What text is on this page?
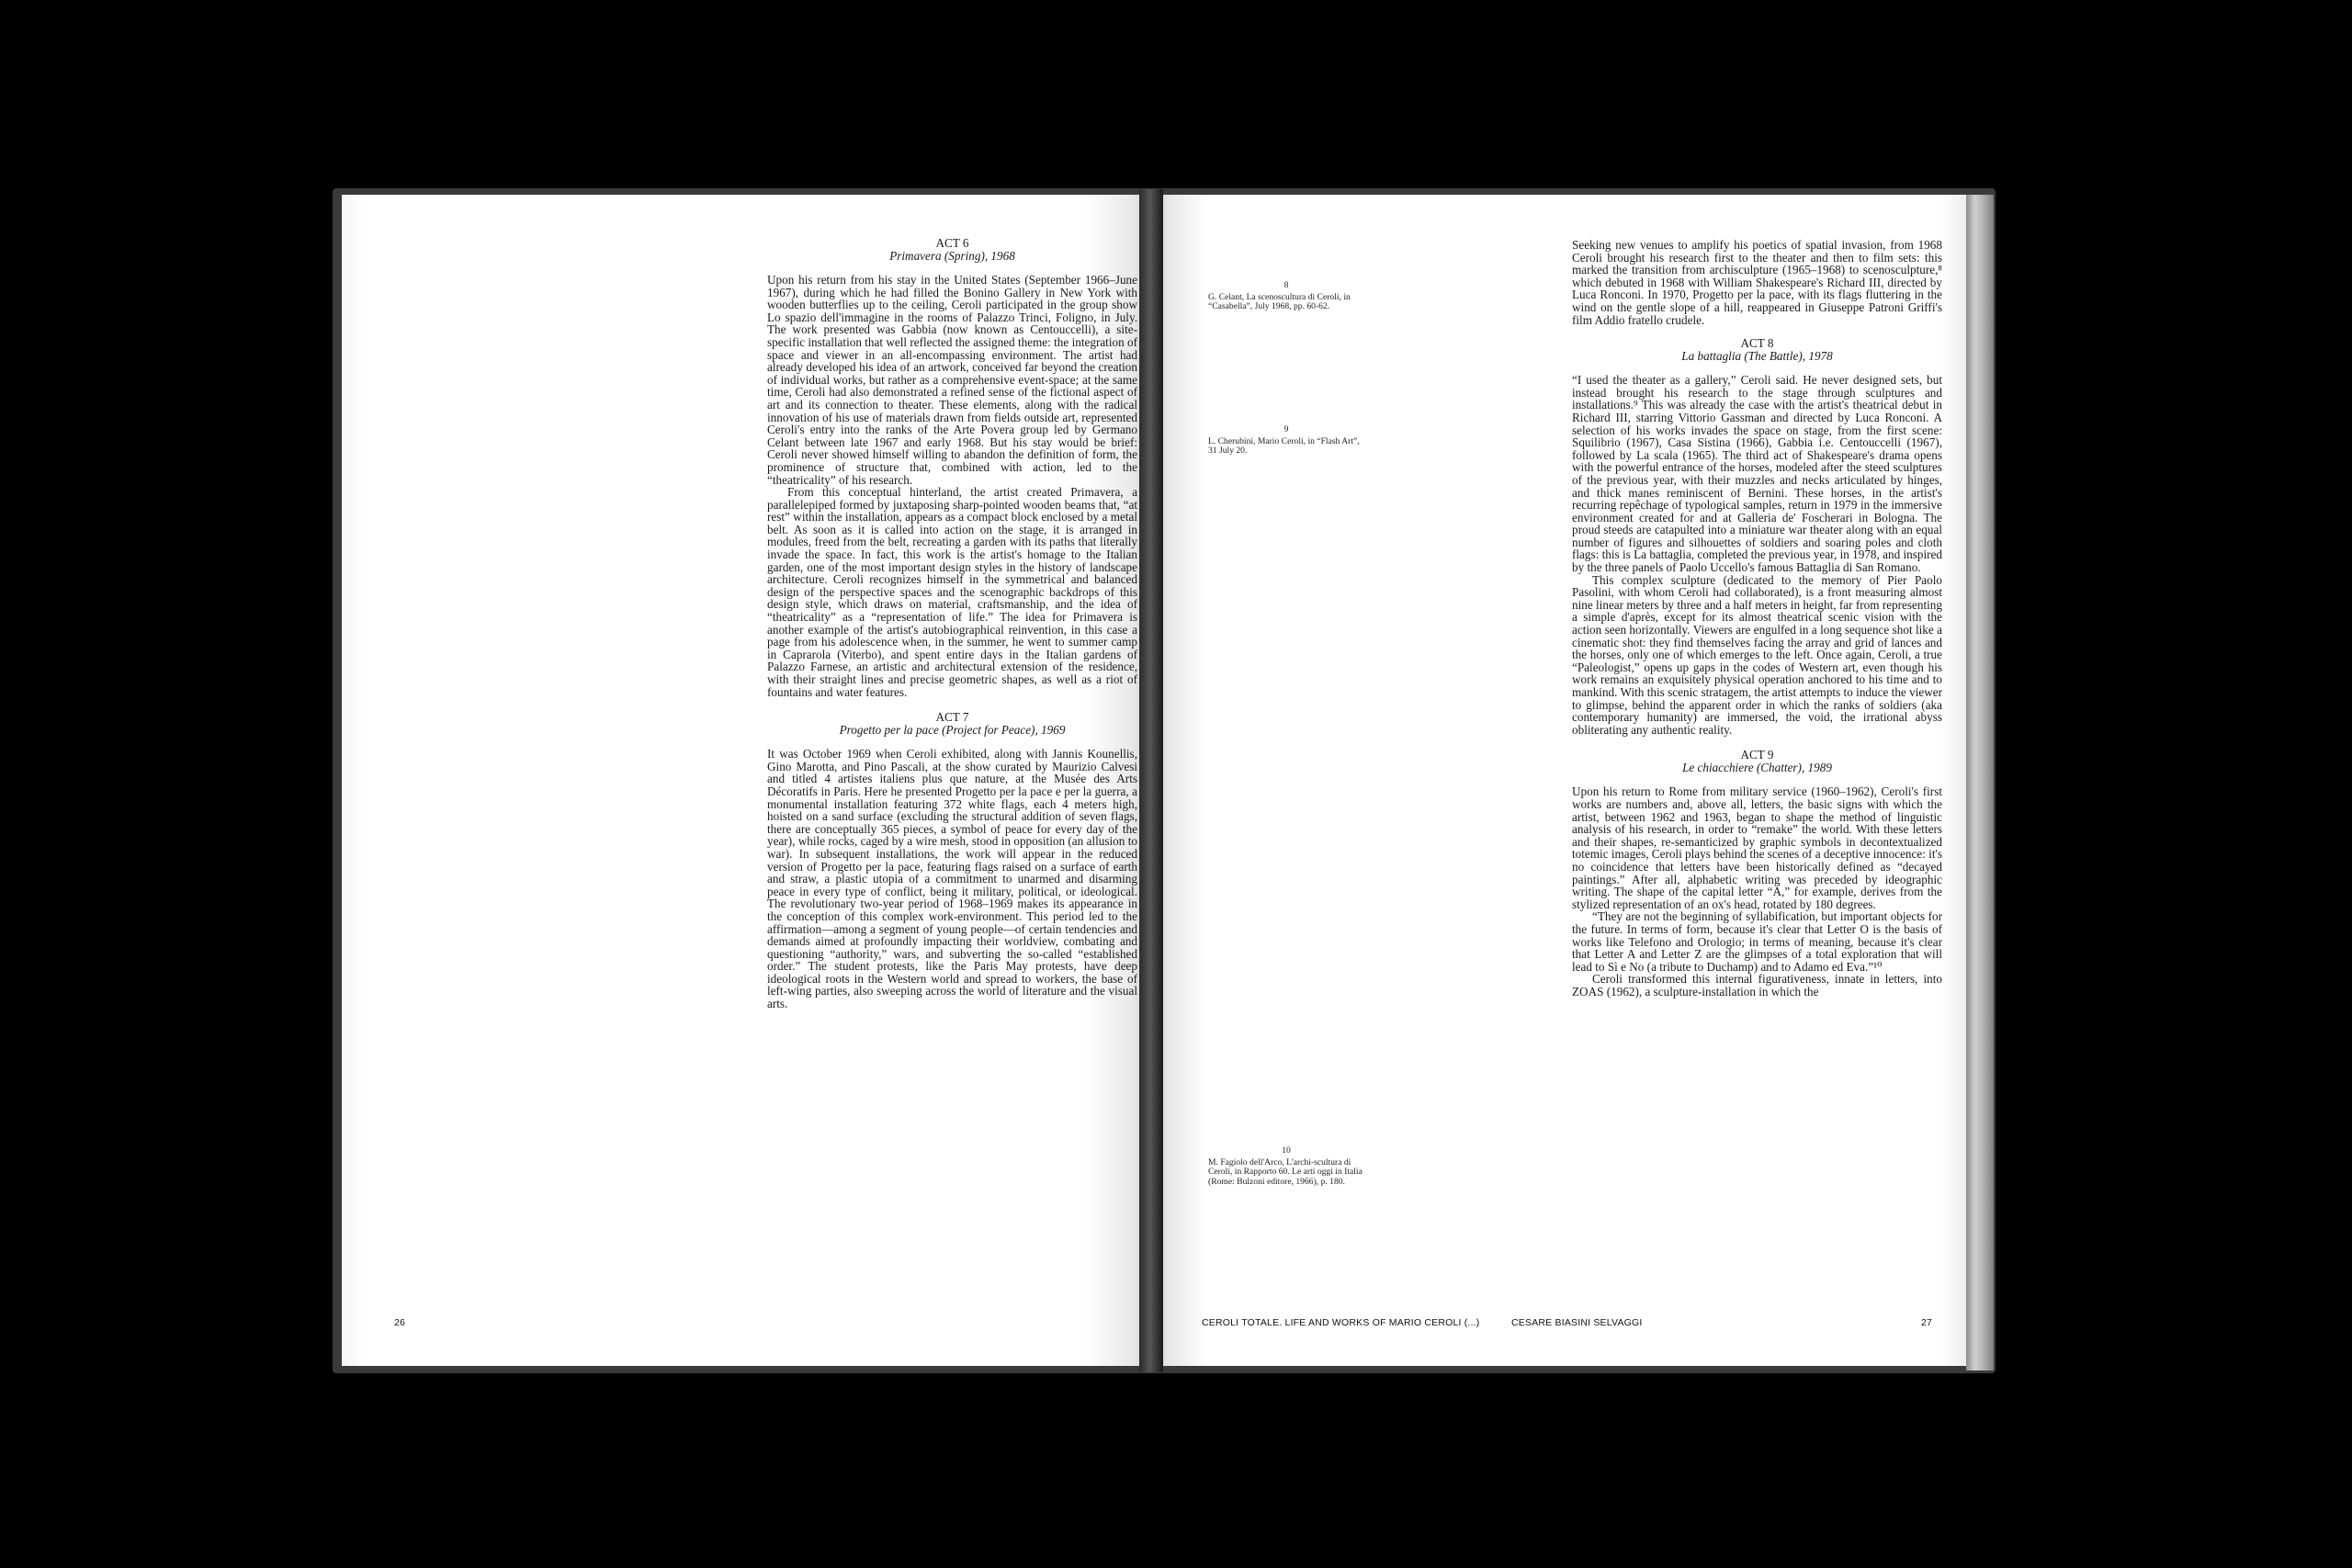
ACT 6
Primavera (Spring), 1968

Upon his return from his stay in the United States (September 1966–June 1967), during which he had filled the Bonino Gallery in New York with wooden butterflies up to the ceiling, Ceroli participated in the group show Lo spazio dell'immagine in the rooms of Palazzo Trinci, Foligno, in July. The work presented was Gabbia (now known as Centouccelli), a site-specific installation that well reflected the assigned theme: the integration of space and viewer in an all-encompassing environment. The artist had already developed his idea of an artwork, conceived far beyond the creation of individual works, but rather as a comprehensive event-space; at the same time, Ceroli had also demonstrated a refined sense of the fictional aspect of art and its connection to theater. These elements, along with the radical innovation of his use of materials drawn from fields outside art, represented Ceroli's entry into the ranks of the Arte Povera group led by Germano Celant between late 1967 and early 1968. But his stay would be brief: Ceroli never showed himself willing to abandon the definition of form, the prominence of structure that, combined with action, led to the “theatricality” of his research.

From this conceptual hinterland, the artist created Primavera, a parallelepiped formed by juxtaposing sharp-pointed wooden beams that, “at rest” within the installation, appears as a compact block enclosed by a metal belt. As soon as it is called into action on the stage, it is arranged in modules, freed from the belt, recreating a garden with its paths that literally invade the space. In fact, this work is the artist's homage to the Italian garden, one of the most important design styles in the history of landscape architecture. Ceroli recognizes himself in the symmetrical and balanced design of the perspective spaces and the scenographic backdrops of this design style, which draws on material, craftsmanship, and the idea of “theatricality” as a “representation of life.” The idea for Primavera is another example of the artist's autobiographical reinvention, in this case a page from his adolescence when, in the summer, he went to summer camp in Caprarola (Viterbo), and spent entire days in the Italian gardens of Palazzo Farnese, an artistic and architectural extension of the residence, with their straight lines and precise geometric shapes, as well as a riot of fountains and water features.

ACT 7
Progetto per la pace (Project for Peace), 1969

It was October 1969 when Ceroli exhibited, along with Jannis Kounellis, Gino Marotta, and Pino Pascali, at the show curated by Maurizio Calvesi and titled 4 artistes italiens plus que nature, at the Musée des Arts Décoratifs in Paris. Here he presented Progetto per la pace e per la guerra, a monumental installation featuring 372 white flags, each 4 meters high, hoisted on a sand surface (excluding the structural addition of seven flags, there are conceptually 365 pieces, a symbol of peace for every day of the year), while rocks, caged by a wire mesh, stood in opposition (an allusion to war). In subsequent installations, the work will appear in the reduced version of Progetto per la pace, featuring flags raised on a surface of earth and straw, a plastic utopia of a commitment to unarmed and disarming peace in every type of conflict, being it military, political, or ideological. The revolutionary two-year period of 1968–1969 makes its appearance in the conception of this complex work-environment. This period led to the affirmation—among a segment of young people—of certain tendencies and demands aimed at profoundly impacting their worldview, combating and questioning “authority,” wars, and subverting the so-called “established order.” The student protests, like the Paris May protests, have deep ideological roots in the Western world and spread to workers, the base of left-wing parties, also sweeping across the world of literature and the visual arts.

26
8
G. Celant, La scenoscultura di Ceroli, in “Casabella”, July 1968, pp. 60-62.
9
L. Cherubini, Mario Ceroli, in “Flash Art”, 31 July 20.
10
M. Fagiolo dell'Arco, L'archi-scultura di Ceroli, in Rapporto 60. Le arti oggi in Italia (Rome: Bulzoni editore, 1966), p. 180.

Seeking new venues to amplify his poetics of spatial invasion, from 1968 Ceroli brought his research first to the theater and then to film sets: this marked the transition from archisculpture (1965–1968) to scenosculpture,⁸ which debuted in 1968 with William Shakespeare's Richard III, directed by Luca Ronconi. In 1970, Progetto per la pace, with its flags fluttering in the wind on the gentle slope of a hill, reappeared in Giuseppe Patroni Griffi's film Addio fratello crudele.

ACT 8
La battaglia (The Battle), 1978

“I used the theater as a gallery,” Ceroli said. He never designed sets, but instead brought his research to the stage through sculptures and installations.⁹ This was already the case with the artist's theatrical debut in Richard III, starring Vittorio Gassman and directed by Luca Ronconi. A selection of his works invades the space on stage, from the first scene: Squilibrio (1967), Casa Sistina (1966), Gabbia i.e. Centouccelli (1967), followed by La scala (1965). The third act of Shakespeare's drama opens with the powerful entrance of the horses, modeled after the steed sculptures of the previous year, with their muzzles and necks articulated by hinges, and thick manes reminiscent of Bernini. These horses, in the artist's recurring repêchage of typological samples, return in 1979 in the immersive environment created for and at Galleria de' Foscherari in Bologna. The proud steeds are catapulted into a miniature war theater along with an equal number of figures and silhouettes of soldiers and soaring poles and cloth flags: this is La battaglia, completed the previous year, in 1978, and inspired by the three panels of Paolo Uccello's famous Battaglia di San Romano.

This complex sculpture (dedicated to the memory of Pier Paolo Pasolini, with whom Ceroli had collaborated), is a front measuring almost nine linear meters by three and a half meters in height, far from representing a simple d'après, except for its almost theatrical scenic vision with the action seen horizontally. Viewers are engulfed in a long sequence shot like a cinematic shot: they find themselves facing the array and grid of lances and the horses, only one of which emerges to the left. Once again, Ceroli, a true “Paleologist,” opens up gaps in the codes of Western art, even though his work remains an exquisitely physical operation anchored to his time and to mankind. With this scenic stratagem, the artist attempts to induce the viewer to glimpse, behind the apparent order in which the ranks of soldiers (aka contemporary humanity) are immersed, the void, the irrational abyss obliterating any authentic reality.

ACT 9
Le chiacchiere (Chatter), 1989

Upon his return to Rome from military service (1960–1962), Ceroli's first works are numbers and, above all, letters, the basic signs with which the artist, between 1962 and 1963, began to shape the method of linguistic analysis of his research, in order to “remake” the world. With these letters and their shapes, re-semanticized by graphic symbols in decontextualized totemic images, Ceroli plays behind the scenes of a deceptive innocence: it's no coincidence that letters have been historically defined as “decayed paintings.” After all, alphabetic writing was preceded by ideographic writing. The shape of the capital letter “A,” for example, derives from the stylized representation of an ox's head, rotated by 180 degrees.

“They are not the beginning of syllabification, but important objects for the future. In terms of form, because it's clear that Letter O is the basis of works like Telefono and Orologio; in terms of meaning, because it's clear that Letter A and Letter Z are the glimpses of a total exploration that will lead to Sì e No (a tribute to Duchamp) and to Adamo ed Eva.”¹⁰

Ceroli transformed this internal figurativeness, innate in letters, into ZOAS (1962), a sculpture-installation in which the

CEROLI TOTALE. LIFE AND WORKS OF MARIO CEROLI (...)	CESARE BIASINI SELVAGGI	27
